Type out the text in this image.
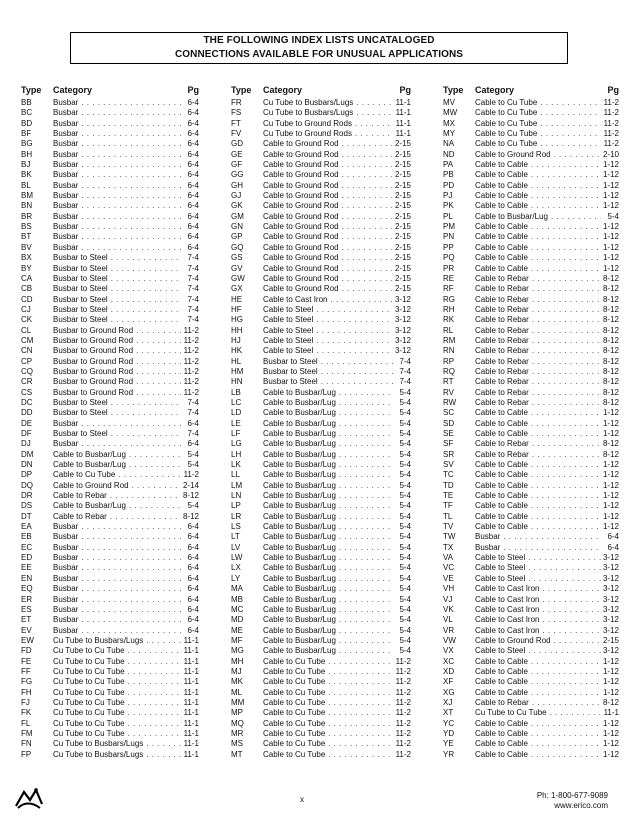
THE FOLLOWING INDEX LISTS UNCATALOGED
CONNECTIONS AVAILABLE FOR UNUSUAL APPLICATIONS
Type	Category	Pg
BB	Busbar . . .	6-4
BC	Busbar . . .	6-4
BD	Busbar . . .	6-4
BF	Busbar . . .	6-4
BG	Busbar . . .	6-4
BH	Busbar . . .	6-4
BJ	Busbar . . .	6-4
BK	Busbar . . .	6-4
BL	Busbar . . .	6-4
BM	Busbar . . .	6-4
BN	Busbar . . .	6-4
BR	Busbar . . .	6-4
BS	Busbar . . .	6-4
BT	Busbar . . .	6-4
BV	Busbar . . .	6-4
BX	Busbar to Steel . . .	7-4
BY	Busbar to Steel . . .	7-4
CA	Busbar to Steel . . .	7-4
CB	Busbar to Steel . . .	7-4
CD	Busbar to Steel . . .	7-4
CJ	Busbar to Steel . . .	7-4
CK	Busbar to Steel . . .	7-4
CL	Busbar to Ground Rod . . .	11-2
CM	Busbar to Ground Rod . . .	11-2
CN	Busbar to Ground Rod . . .	11-2
CP	Busbar to Ground Rod . . .	11-2
CQ	Busbar to Ground Rod . . .	11-2
CR	Busbar to Ground Rod . . .	11-2
CS	Busbar to Ground Rod . . .	11-2
DC	Busbar to Steel . . .	7-4
DD	Busbar to Steel . . .	7-4
DE	Busbar . . .	6-4
DF	Busbar to Steel . . .	7-4
DJ	Busbar . . .	6-4
DM	Cable to Busbar/Lug . . .	5-4
DN	Cable to Busbar/Lug . . .	5-4
DP	Cable to Cu Tube . . .	11-2
DQ	Cable to Ground Rod . . .	2-14
DR	Cable to Rebar . . .	8-12
DS	Cable to Busbar/Lug . . .	5-4
DT	Cable to Rebar . . .	8-12
EA	Busbar . . .	6-4
EB	Busbar . . .	6-4
EC	Busbar . . .	6-4
ED	Busbar . . .	6-4
EE	Busbar . . .	6-4
EN	Busbar . . .	6-4
EQ	Busbar . . .	6-4
ER	Busbar . . .	6-4
ES	Busbar . . .	6-4
ET	Busbar . . .	6-4
EV	Busbar . . .	6-4
EW	Cu Tube to Busbars/Lugs . . .	11-1
FD	Cu Tube to Cu Tube . . .	11-1
FE	Cu Tube to Cu Tube . . .	11-1
FF	Cu Tube to Cu Tube . . .	11-1
FG	Cu Tube to Cu Tube . . .	11-1
FH	Cu Tube to Cu Tube . . .	11-1
FJ	Cu Tube to Cu Tube . . .	11-1
FK	Cu Tube to Cu Tube . . .	11-1
FL	Cu Tube to Cu Tube . . .	11-1
FM	Cu Tube to Cu Tube . . .	11-1
FN	Cu Tube to Busbars/Lugs . . .	11-1
FP	Cu Tube to Busbars/Lugs . . .	11-1
Type	Category	Pg
FR	Cu Tube to Busbars/Lugs . . .	11-1
FS	Cu Tube to Busbars/Lugs . . .	11-1
FT	Cu Tube to Ground Rods . . .	11-1
FV	Cu Tube to Ground Rods . . .	11-1
GD	Cable to Ground Rod . . .	2-15
GE	Cable to Ground Rod . . .	2-15
GF	Cable to Ground Rod . . .	2-15
GG	Cable to Ground Rod . . .	2-15
GH	Cable to Ground Rod . . .	2-15
GJ	Cable to Ground Rod . . .	2-15
GK	Cable to Ground Rod . . .	2-15
GM	Cable to Ground Rod . . .	2-15
GN	Cable to Ground Rod . . .	2-15
GP	Cable to Ground Rod . . .	2-15
GQ	Cable to Ground Rod . . .	2-15
GS	Cable to Ground Rod . . .	2-15
GV	Cable to Ground Rod . . .	2-15
GW	Cable to Ground Rod . . .	2-15
GX	Cable to Ground Rod . . .	2-15
HE	Cable to Cast Iron . . .	3-12
HF	Cable to Steel . . .	3-12
HG	Cable to Steel . . .	3-12
HH	Cable to Steel . . .	3-12
HJ	Cable to Steel . . .	3-12
HK	Cable to Steel . . .	3-12
HL	Busbar to Steel . . .	7-4
HM	Busbar to Steel . . .	7-4
HN	Busbar to Steel . . .	7-4
LB	Cable to Busbar/Lug . . .	5-4
LC	Cable to Busbar/Lug . . .	5-4
LD	Cable to Busbar/Lug . . .	5-4
LE	Cable to Busbar/Lug . . .	5-4
LF	Cable to Busbar/Lug . . .	5-4
LG	Cable to Busbar/Lug . . .	5-4
LH	Cable to Busbar/Lug . . .	5-4
LK	Cable to Busbar/Lug . . .	5-4
LL	Cable to Busbar/Lug . . .	5-4
LM	Cable to Busbar/Lug . . .	5-4
LN	Cable to Busbar/Lug . . .	5-4
LP	Cable to Busbar/Lug . . .	5-4
LR	Cable to Busbar/Lug . . .	5-4
LS	Cable to Busbar/Lug . . .	5-4
LT	Cable to Busbar/Lug . . .	5-4
LV	Cable to Busbar/Lug . . .	5-4
LW	Cable to Busbar/Lug . . .	5-4
LX	Cable to Busbar/Lug . . .	5-4
LY	Cable to Busbar/Lug . . .	5-4
MA	Cable to Busbar/Lug . . .	5-4
MB	Cable to Busbar/Lug . . .	5-4
MC	Cable to Busbar/Lug . . .	5-4
MD	Cable to Busbar/Lug . . .	5-4
ME	Cable to Busbar/Lug . . .	5-4
MF	Cable to Busbar/Lug . . .	5-4
MG	Cable to Busbar/Lug . . .	5-4
MH	Cable to Cu Tube . . .	11-2
MJ	Cable to Cu Tube . . .	11-2
MK	Cable to Cu Tube . . .	11-2
ML	Cable to Cu Tube . . .	11-2
MM	Cable to Cu Tube . . .	11-2
MP	Cable to Cu Tube . . .	11-2
MQ	Cable to Cu Tube . . .	11-2
MR	Cable to Cu Tube . . .	11-2
MS	Cable to Cu Tube . . .	11-2
MT	Cable to Cu Tube . . .	11-2
Type	Category	Pg
MV	Cable to Cu Tube . . .	11-2
MW	Cable to Cu Tube . . .	11-2
MX	Cable to Cu Tube . . .	11-2
MY	Cable to Cu Tube . . .	11-2
NA	Cable to Cu Tube . . .	11-2
ND	Cable to Ground Rod . . .	2-10
PA	Cable to Cable . . .	1-12
PB	Cable to Cable . . .	1-12
PD	Cable to Cable . . .	1-12
PJ	Cable to Cable . . .	1-12
PK	Cable to Cable . . .	1-12
PL	Cable to Busbar/Lug . . .	5-4
PM	Cable to Cable . . .	1-12
PN	Cable to Cable . . .	1-12
PP	Cable to Cable . . .	1-12
PQ	Cable to Cable . . .	1-12
PR	Cable to Cable . . .	1-12
RE	Cable to Rebar . . .	8-12
RF	Cable to Rebar . . .	8-12
RG	Cable to Rebar . . .	8-12
RH	Cable to Rebar . . .	8-12
RK	Cable to Rebar . . .	8-12
RL	Cable to Rebar . . .	8-12
RM	Cable to Rebar . . .	8-12
RN	Cable to Rebar . . .	8-12
RP	Cable to Rebar . . .	8-12
RQ	Cable to Rebar . . .	8-12
RT	Cable to Rebar . . .	8-12
RV	Cable to Rebar . . .	8-12
RW	Cable to Rebar . . .	8-12
SC	Cable to Cable . . .	1-12
SD	Cable to Cable . . .	1-12
SE	Cable to Cable . . .	1-12
SF	Cable to Rebar . . .	8-12
SR	Cable to Rebar . . .	8-12
SV	Cable to Cable . . .	1-12
TC	Cable to Cable . . .	1-12
TD	Cable to Cable . . .	1-12
TE	Cable to Cable . . .	1-12
TF	Cable to Cable . . .	1-12
TL	Cable to Cable . . .	1-12
TV	Cable to Cable . . .	1-12
TW	Busbar . . .	6-4
TX	Busbar . . .	6-4
VA	Cable to Steel . . .	3-12
VC	Cable to Steel . . .	3-12
VE	Cable to Steel . . .	3-12
VH	Cable to Cast Iron . . .	3-12
VJ	Cable to Cast Iron . . .	3-12
VK	Cable to Cast Iron . . .	3-12
VL	Cable to Cast Iron . . .	3-12
VR	Cable to Cast Iron . . .	3-12
VW	Cable to Ground Rod . . .	2-15
VX	Cable to Steel . . .	3-12
XC	Cable to Cable . . .	1-12
XD	Cable to Cable . . .	1-12
XF	Cable to Cable . . .	1-12
XG	Cable to Cable . . .	1-12
XJ	Cable to Rebar . . .	8-12
XT	Cu Tube to Cu Tube . . .	11-1
YC	Cable to Cable . . .	1-12
YD	Cable to Cable . . .	1-12
YE	Cable to Cable . . .	1-12
YR	Cable to Cable . . .	1-12
x	Ph: 1-800-677-9089
www.erico.com
